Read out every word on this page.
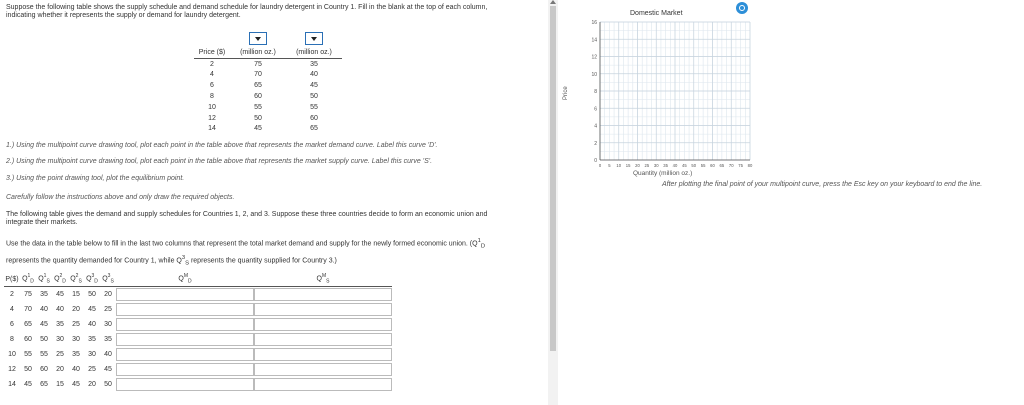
Suppose the following table shows the supply schedule and demand schedule for laundry detergent in Country 1. Fill in the blank at the top of each column,
indicating whether it represents the supply or demand for laundry detergent.

Price ($)	(million oz.)	(million oz.)
2	75	35
4	70	40
6	65	45
8	60	50
10	55	55
12	50	60
14	45	65
1.) Using the multipoint curve drawing tool, plot each point in the table above that represents the market demand curve. Label this curve 'D'.
2.) Using the multipoint curve drawing tool, plot each point in the table above that represents the market supply curve. Label this curve 'S'.
3.) Using the point drawing tool, plot the equilibrium point.
Carefully follow the instructions above and only draw the required objects.
The following table gives the demand and supply schedules for Countries 1, 2, and 3. Suppose these three countries decide to form an economic union and
integrate their markets.
Use the data in the table below to fill in the last two columns that represent the total market demand and supply for the newly formed economic union. ($Q^1_D$
represents the quantity demanded for Country 1, while $Q^3_S$ represents the quantity supplied for Country 3.)
P($)	$Q^1_D$	$Q^1_S$	$Q^2_D$	$Q^2_S$	$Q^3_D$	$Q^3_S$	$Q^M_D$	$Q^M_S$
2	75	35	45	15	50	20	

4	70	40	40	20	45	25	

6	65	45	35	25	40	30	

8	60	50	30	30	35	35	

10	55	55	25	35	30	40	

12	50	60	20	40	25	45	

14	45	65	15	45	20	50	

Domestic Market
Price
0
2
4
6
8
10
12
14
16
0 5 10 15 20 25 30 35 40 45 50 55 60 65 70 75 80
Quantity (million oz.)
After plotting the final point of your multipoint curve, press the Esc key on your keyboard to end the line.
